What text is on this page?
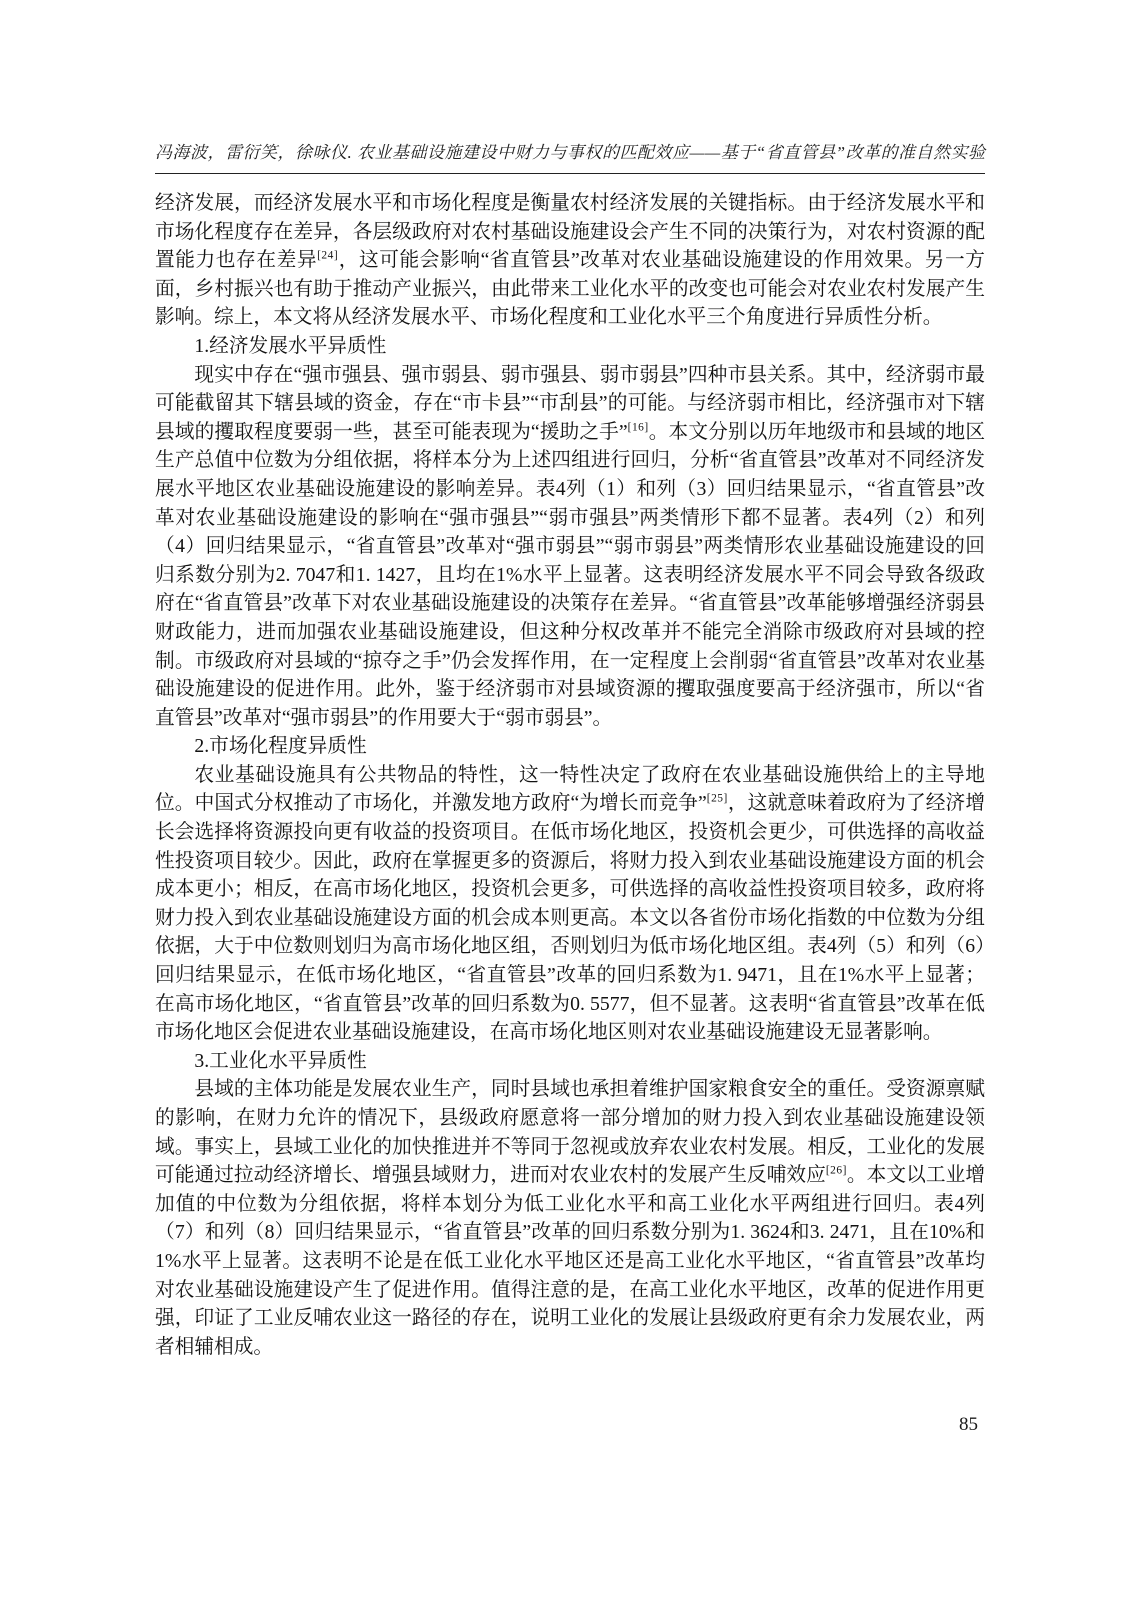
冯海波，雷衍笑，徐咏仪. 农业基础设施建设中财力与事权的匹配效应——基于“省直管县”改革的准自然实验

经济发展，而经济发展水平和市场化程度是衡量农村经济发展的关键指标。由于经济发展水平和市场化程度存在差异，各层级政府对农村基础设施建设会产生不同的决策行为，对农村资源的配置能力也存在差异[24]，这可能会影响“省直管县”改革对农业基础设施建设的作用效果。另一方面，乡村振兴也有助于推动产业振兴，由此带来工业化水平的改变也可能会对农业农村发展产生影响。综上，本文将从经济发展水平、市场化程度和工业化水平三个角度进行异质性分析。

1.经济发展水平异质性

现实中存在“强市强县、强市弱县、弱市强县、弱市弱县”四种市县关系。其中，经济弱市最可能截留其下辖县域的资金，存在“市卡县”“市刮县”的可能。与经济弱市相比，经济强市对下辖县域的攫取程度要弱一些，甚至可能表现为“援助之手”[16]。本文分别以历年地级市和县域的地区生产总值中位数为分组依据，将样本分为上述四组进行回归，分析“省直管县”改革对不同经济发展水平地区农业基础设施建设的影响差异。表4列（1）和列（3）回归结果显示，“省直管县”改革对农业基础设施建设的影响在“强市强县”“弱市强县”两类情形下都不显著。表4列（2）和列（4）回归结果显示，“省直管县”改革对“强市弱县”“弱市弱县”两类情形农业基础设施建设的回归系数分别为2. 7047和1. 1427，且均在1%水平上显著。这表明经济发展水平不同会导致各级政府在“省直管县”改革下对农业基础设施建设的决策存在差异。“省直管县”改革能够增强经济弱县财政能力，进而加强农业基础设施建设，但这种分权改革并不能完全消除市级政府对县域的控制。市级政府对县域的“掠夺之手”仍会发挥作用，在一定程度上会削弱“省直管县”改革对农业基础设施建设的促进作用。此外，鉴于经济弱市对县域资源的攫取强度要高于经济强市，所以“省直管县”改革对“强市弱县”的作用要大于“弱市弱县”。

2.市场化程度异质性

农业基础设施具有公共物品的特性，这一特性决定了政府在农业基础设施供给上的主导地位。中国式分权推动了市场化，并激发地方政府“为增长而竞争”[25]，这就意味着政府为了经济增长会选择将资源投向更有收益的投资项目。在低市场化地区，投资机会更少，可供选择的高收益性投资项目较少。因此，政府在掌握更多的资源后，将财力投入到农业基础设施建设方面的机会成本更小；相反，在高市场化地区，投资机会更多，可供选择的高收益性投资项目较多，政府将财力投入到农业基础设施建设方面的机会成本则更高。本文以各省份市场化指数的中位数为分组依据，大于中位数则划归为高市场化地区组，否则划归为低市场化地区组。表4列（5）和列（6）回归结果显示，在低市场化地区，“省直管县”改革的回归系数为1. 9471，且在1%水平上显著；在高市场化地区，“省直管县”改革的回归系数为0. 5577，但不显著。这表明“省直管县”改革在低市场化地区会促进农业基础设施建设，在高市场化地区则对农业基础设施建设无显著影响。

3.工业化水平异质性

县域的主体功能是发展农业生产，同时县域也承担着维护国家粮食安全的重任。受资源禀赋的影响，在财力允许的情况下，县级政府愿意将一部分增加的财力投入到农业基础设施建设领域。事实上，县域工业化的加快推进并不等同于忽视或放弃农业农村发展。相反，工业化的发展可能通过拉动经济增长、增强县域财力，进而对农业农村的发展产生反哺效应[26]。本文以工业增加值的中位数为分组依据，将样本划分为低工业化水平和高工业化水平两组进行回归。表4列（7）和列（8）回归结果显示，“省直管县”改革的回归系数分别为1. 3624和3. 2471，且在10%和1%水平上显著。这表明不论是在低工业化水平地区还是高工业化水平地区，“省直管县”改革均对农业基础设施建设产生了促进作用。值得注意的是，在高工业化水平地区，改革的促进作用更强，印证了工业反哺农业这一路径的存在，说明工业化的发展让县级政府更有余力发展农业，两者相辅相成。

85
